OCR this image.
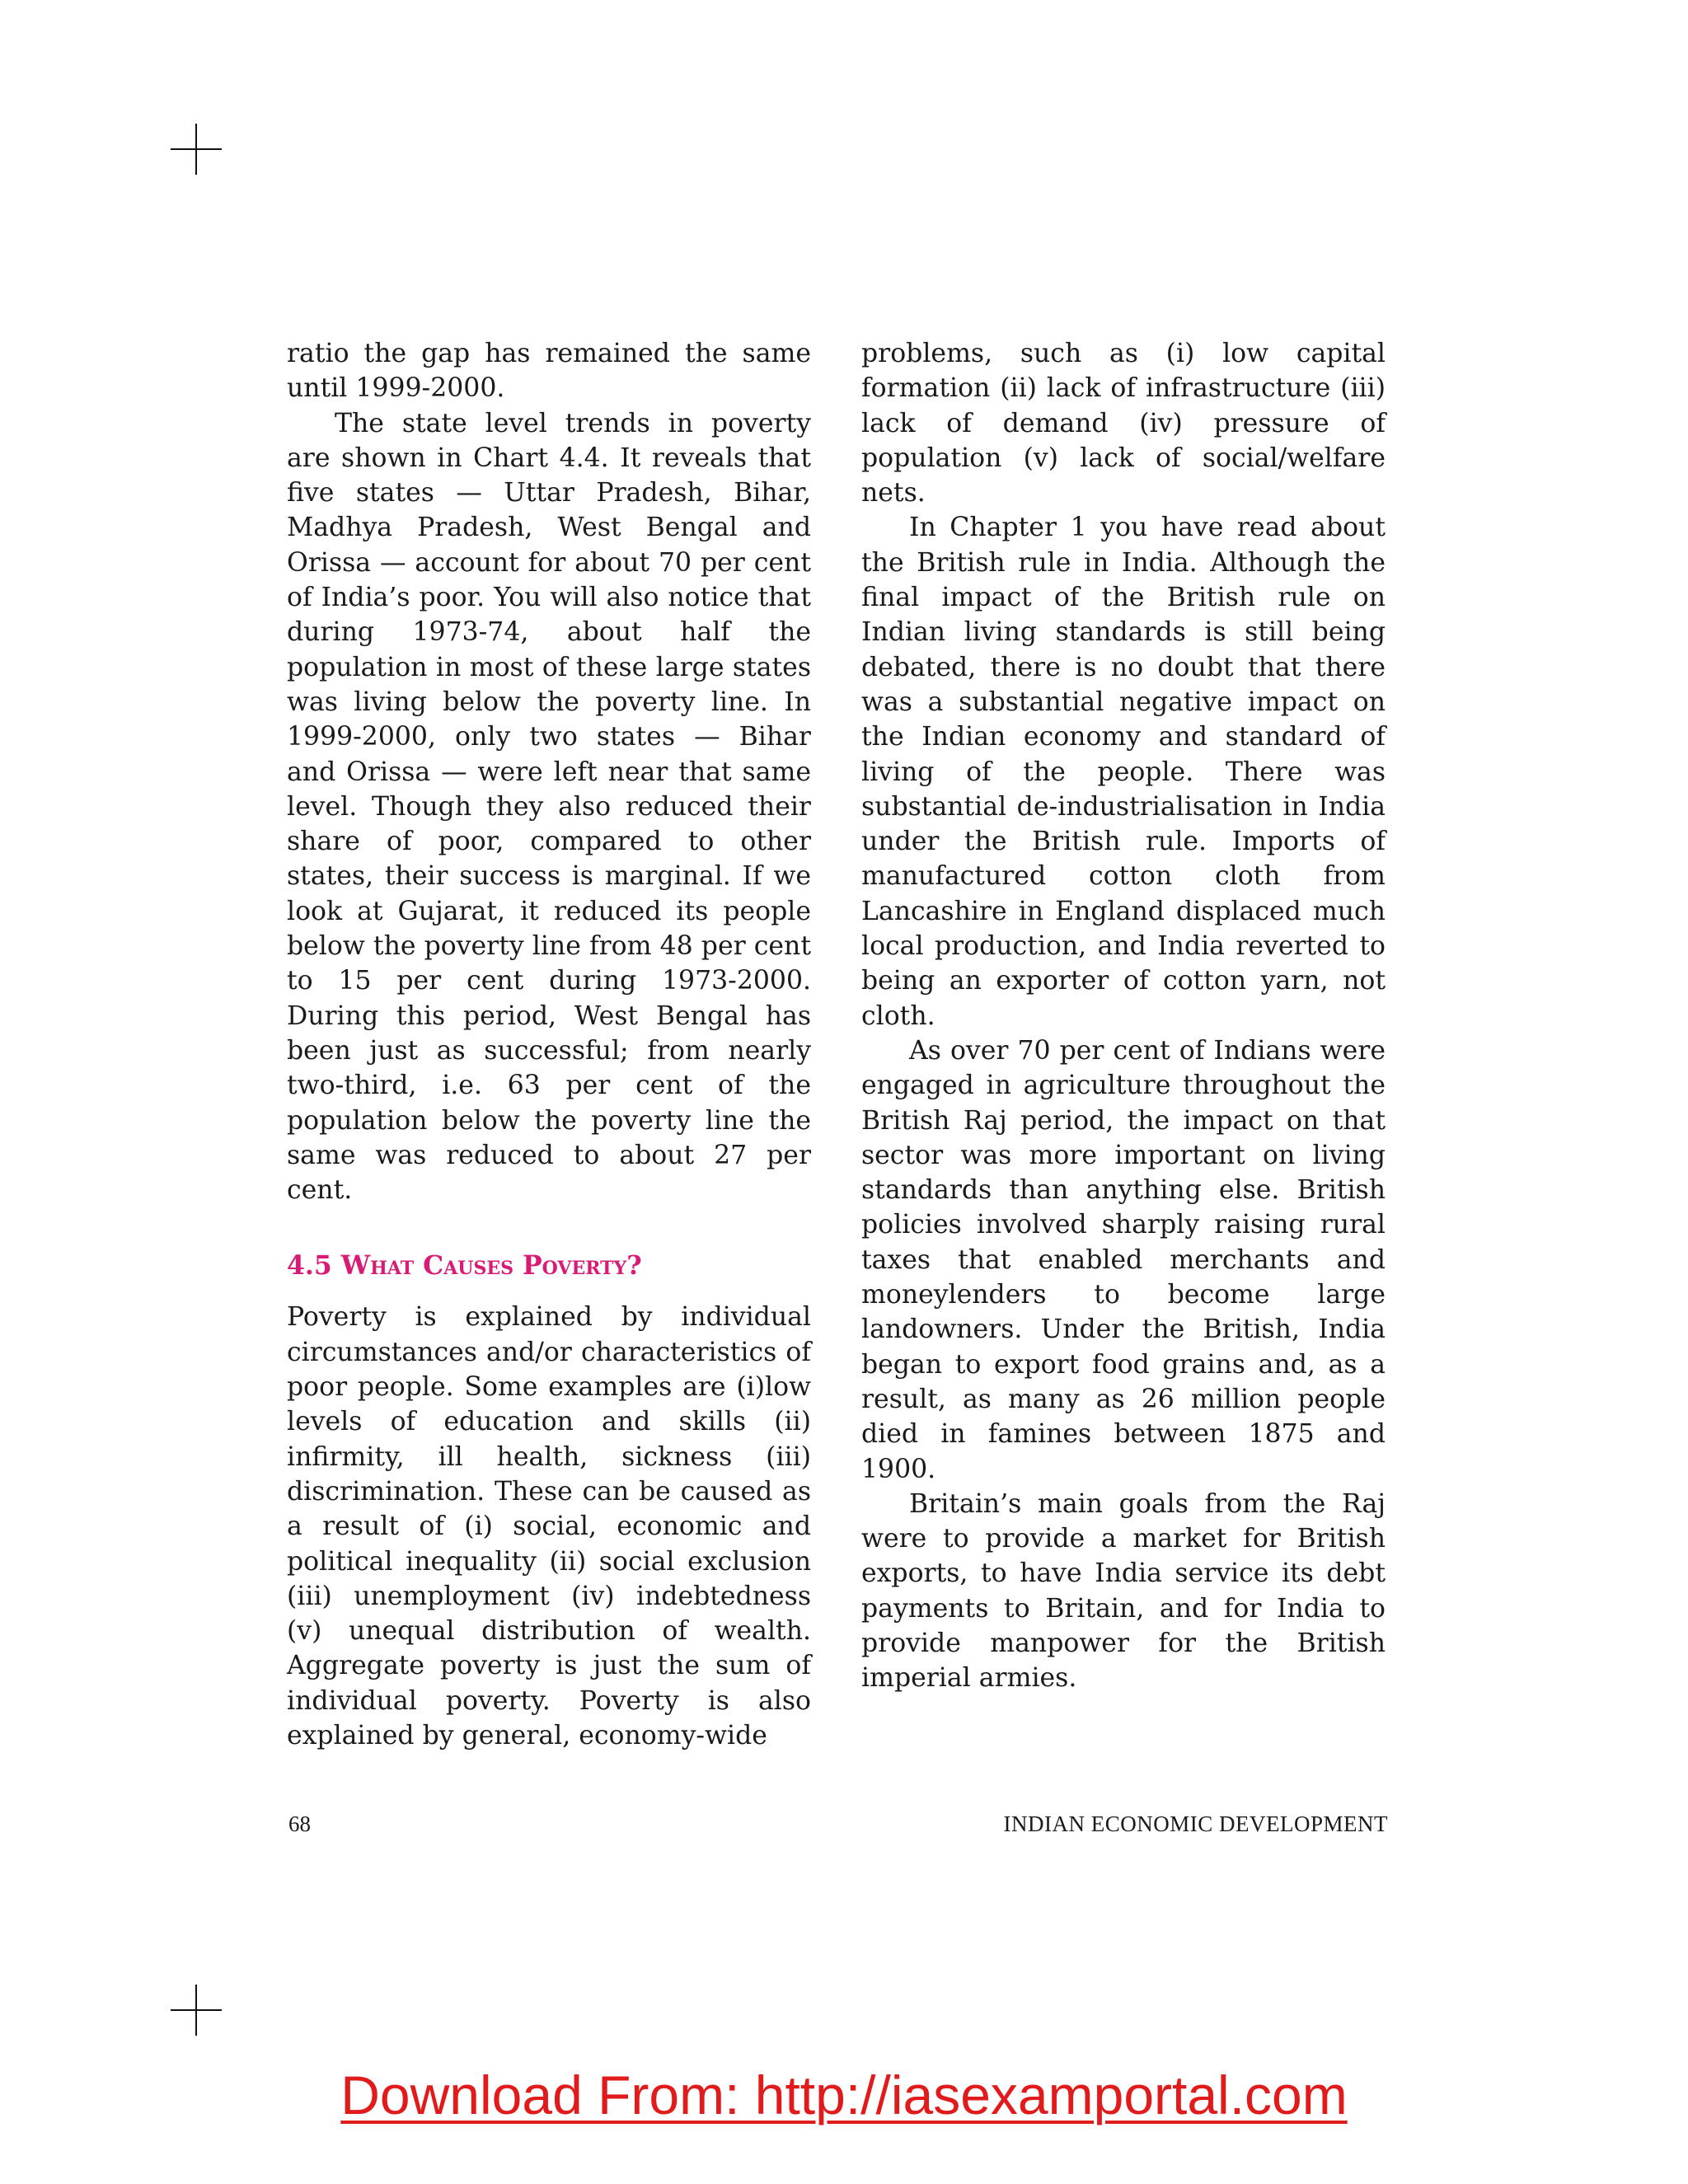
ratio the gap has remained the same until 1999-2000.

The state level trends in poverty are shown in Chart 4.4. It reveals that five states — Uttar Pradesh, Bihar, Madhya Pradesh, West Bengal and Orissa — account for about 70 per cent of India’s poor. You will also notice that during 1973-74, about half the population in most of these large states was living below the poverty line. In 1999-2000, only two states — Bihar and Orissa — were left near that same level. Though they also reduced their share of poor, compared to other states, their success is marginal. If we look at Gujarat, it reduced its people below the poverty line from 48 per cent to 15 per cent during 1973-2000. During this period, West Bengal has been just as successful; from nearly two-third, i.e. 63 per cent of the population below the poverty line the same was reduced to about 27 per cent.

4.5 What Causes Poverty?

Poverty is explained by individual circumstances and/or characteristics of poor people. Some examples are (i)low levels of education and skills (ii) infirmity, ill health, sickness (iii) discrimination. These can be caused as a result of (i) social, economic and political inequality (ii) social exclusion (iii) unemployment (iv) indebtedness (v) unequal distribution of wealth. Aggregate poverty is just the sum of individual poverty. Poverty is also explained by general, economy-wide

problems, such as (i) low capital formation (ii) lack of infrastructure (iii) lack of demand (iv) pressure of population (v) lack of social/welfare nets.

In Chapter 1 you have read about the British rule in India. Although the final impact of the British rule on Indian living standards is still being debated, there is no doubt that there was a substantial negative impact on the Indian economy and standard of living of the people. There was substantial de-industrialisation in India under the British rule. Imports of manufactured cotton cloth from Lancashire in England displaced much local production, and India reverted to being an exporter of cotton yarn, not cloth.

As over 70 per cent of Indians were engaged in agriculture throughout the British Raj period, the impact on that sector was more important on living standards than anything else. British policies involved sharply raising rural taxes that enabled merchants and moneylenders to become large landowners. Under the British, India began to export food grains and, as a result, as many as 26 million people died in famines between 1875 and 1900.

Britain’s main goals from the Raj were to provide a market for British exports, to have India service its debt payments to Britain, and for India to provide manpower for the British imperial armies.

68	INDIAN ECONOMIC DEVELOPMENT
Download From: http://iasexamportal.com
